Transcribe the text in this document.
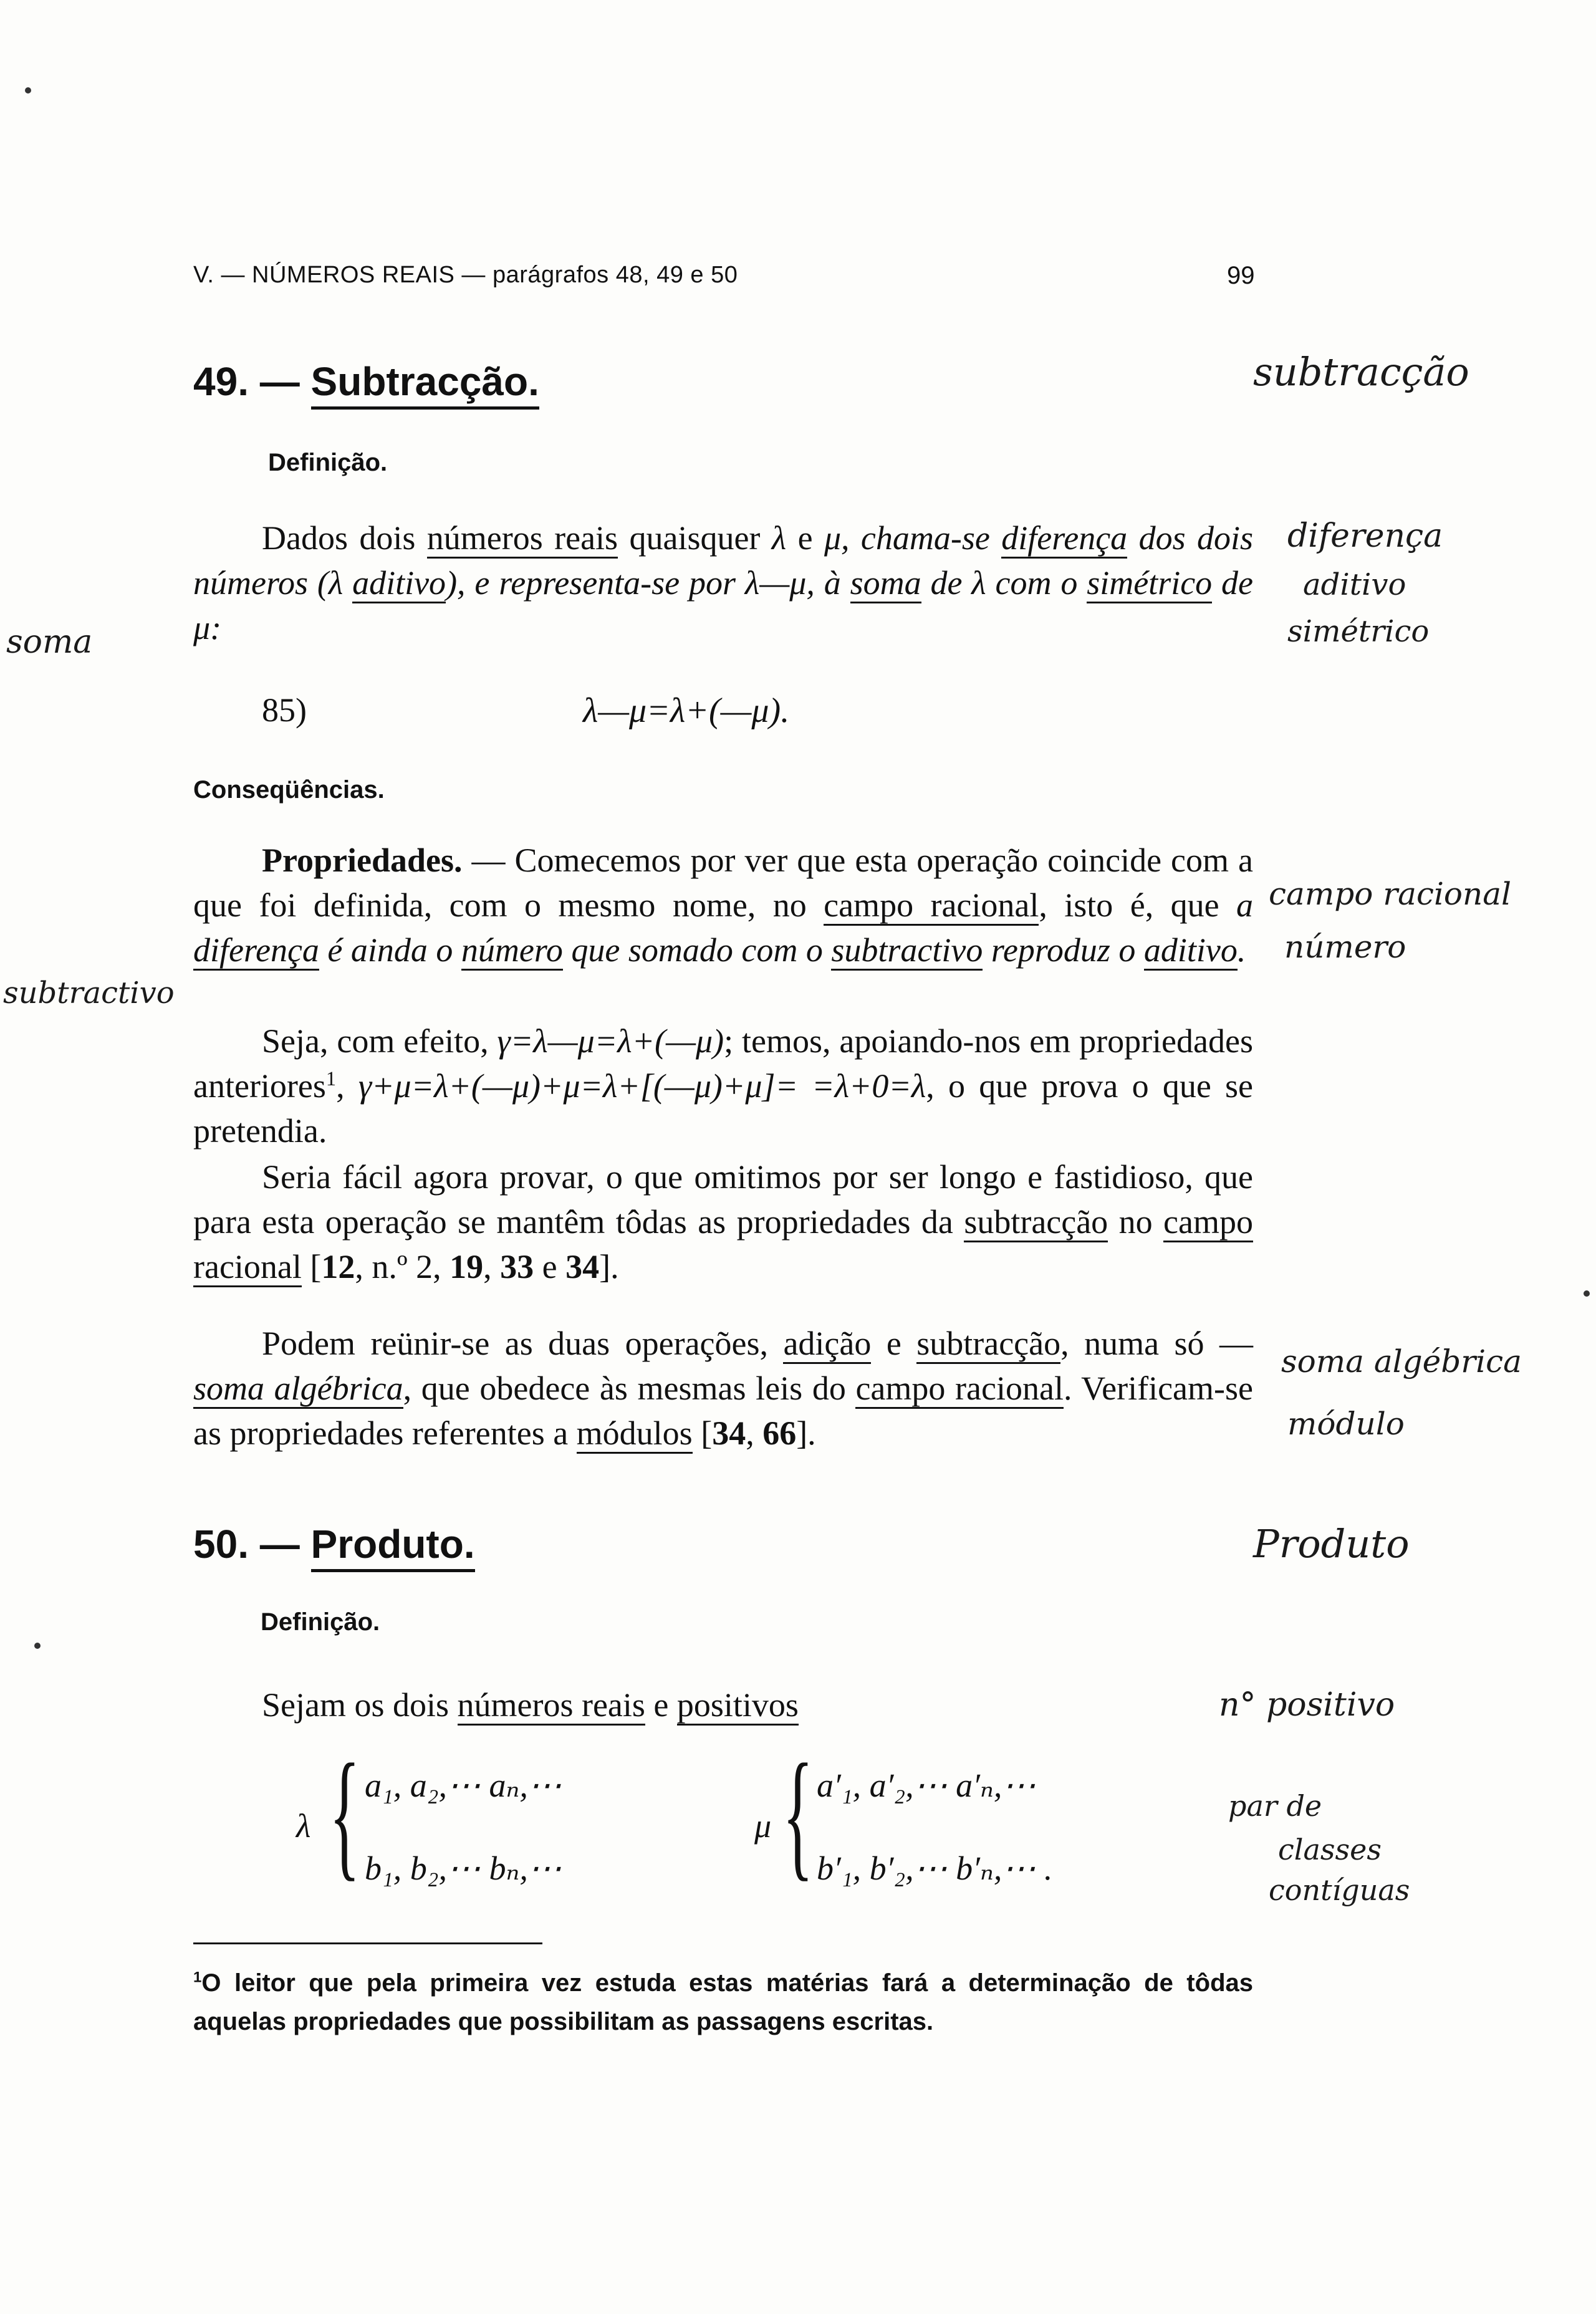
V. — NÚMEROS REAIS — parágrafos 48, 49 e 50	99
49. — Subtracção.
Definição.
Dados dois números reais quaisquer λ e μ, chama-se diferença dos dois números (λ aditivo), e representa-se por λ—μ, à soma de λ com o simétrico de μ:
85)	λ—μ=λ+(—μ).
Conseqüências.
Propriedades. — Comecemos por ver que esta operação coincide com a que foi definida, com o mesmo nome, no campo racional, isto é, que a diferença é ainda o número que somado com o subtractivo reproduz o aditivo.
Seja, com efeito, γ=λ—μ=λ+(—μ); temos, apoiando-nos em propriedades anteriores$^1$, γ+μ=λ+(—μ)+μ=λ+[(—μ)+μ]= =λ+0=λ, o que prova o que se pretendia.
Seria fácil agora provar, o que omitimos por ser longo e fastidioso, que para esta operação se mantêm tôdas as propriedades da subtracção no campo racional [12, n.º 2, 19, 33 e 34].
Podem reünir-se as duas operações, adição e subtracção, numa só — soma algébrica, que obedece às mesmas leis do campo racional. Verificam-se as propriedades referentes a módulos [34, 66].
50. — Produto.
Definição.
Sejam os dois números reais e positivos
λ { a₁, a₂,⋯ aₙ,⋯
b₁, b₂,⋯ bₙ,⋯
μ { a′₁, a′₂,⋯ a′ₙ,⋯
b′₁, b′₂,⋯ b′ₙ,⋯ .
$^1$O leitor que pela primeira vez estuda estas matérias fará a determinação de tôdas aquelas propriedades que possibilitam as passagens escritas.
subtracção
soma
diferença
aditivo
simétrico
campo racional
número
subtractivo
soma algébrica
módulo
Produto
n° positivo
par de
classes
contíguas
